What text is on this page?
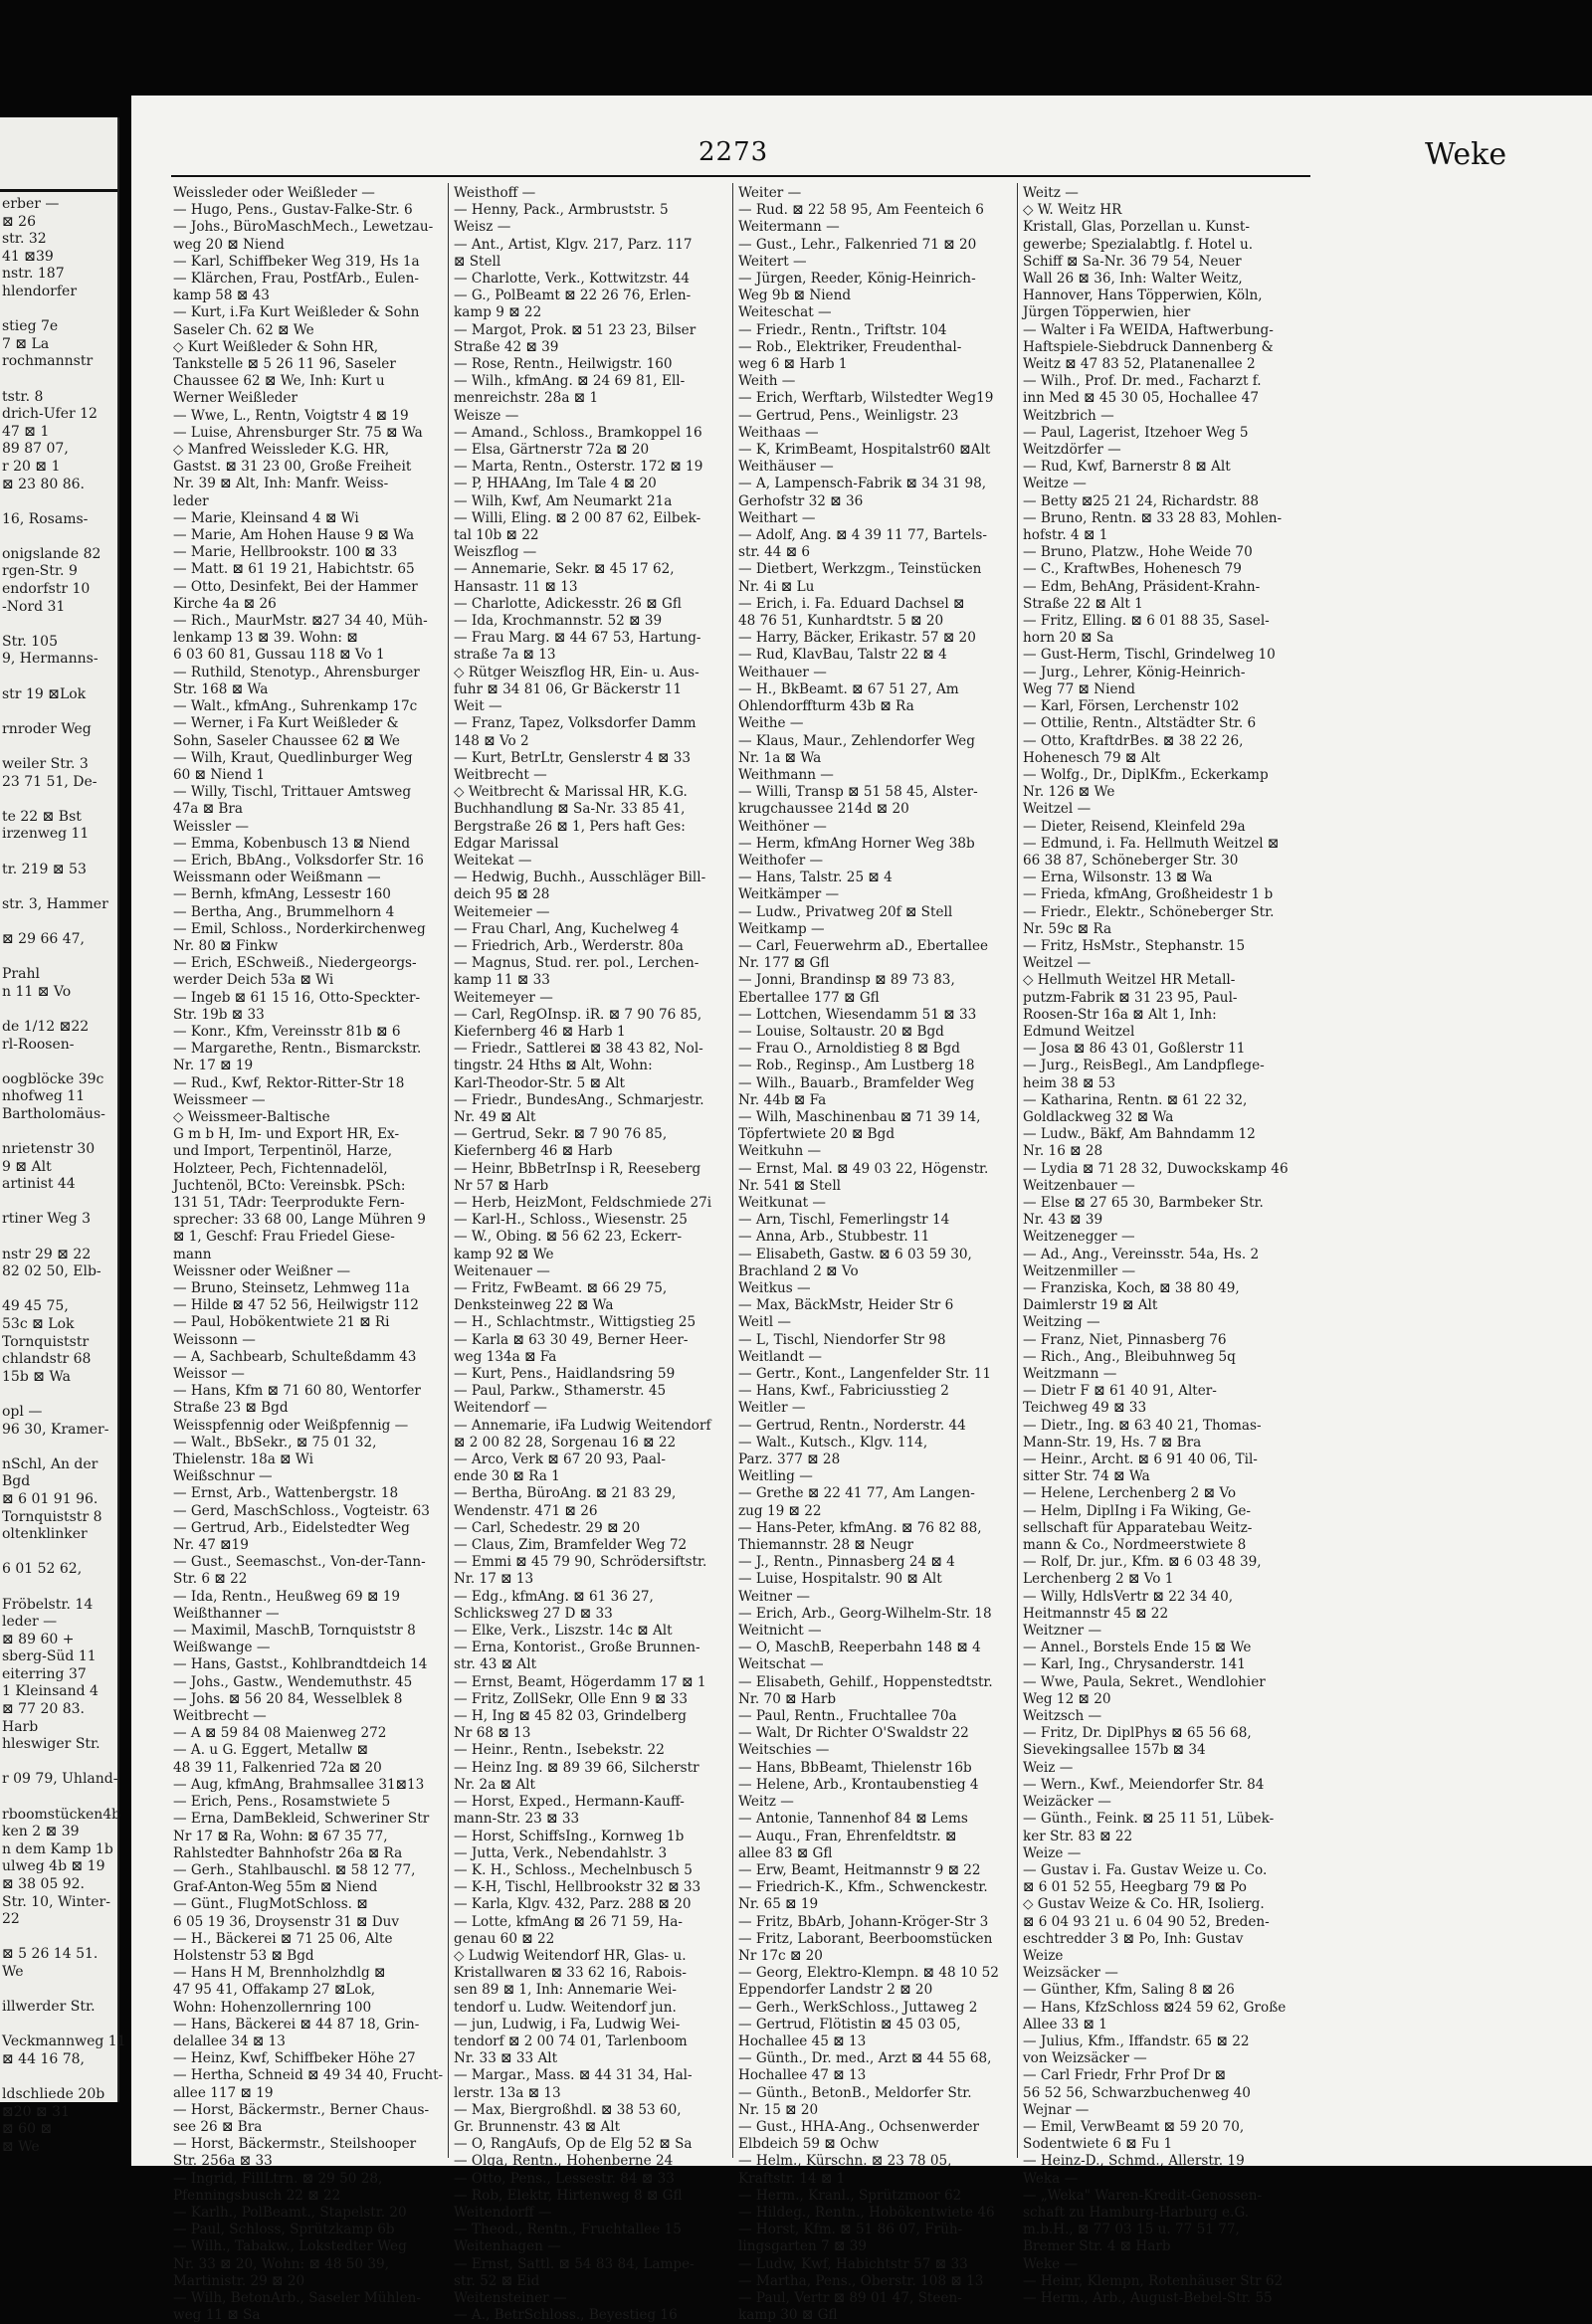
erber —
⊠ 26
str. 32
41 ⊠39
nstr. 187
hlendorfer

stieg 7e
7 ⊠ La
rochmannstr

tstr. 8
drich-Ufer 12
47 ⊠ 1
89 87 07,
r 20 ⊠ 1
⊠ 23 80 86.

16, Rosams-

onigslande 82
rgen-Str. 9
endorfstr 10
-Nord 31

Str. 105
9, Hermanns-

str 19 ⊠Lok

rnroder Weg

weiler Str. 3
23 71 51, De-

te 22 ⊠ Bst
irzenweg 11

tr. 219 ⊠ 53

str. 3, Hammer

⊠ 29 66 47,

Prahl
n 11 ⊠ Vo

de 1/12 ⊠22
rl-Roosen-

oogblöcke 39c
nhofweg 11
Bartholomäus-

nrietenstr 30
9 ⊠ Alt
artinist 44

rtiner Weg 3

nstr 29 ⊠ 22
82 02 50, Elb-

49 45 75,
53c ⊠ Lok
Tornquiststr
chlandstr 68
15b ⊠ Wa

opl —
96 30, Kramer-

nSchl, An der
Bgd
⊠ 6 01 91 96.
Tornquiststr 8
oltenklinker

6 01 52 62,

Fröbelstr. 14
leder —
⊠ 89 60 +
sberg-Süd 11
eiterring 37
1 Kleinsand 4
⊠ 77 20 83.
Harb
hleswiger Str.

r 09 79, Uhland-

rboomstücken4b
ken 2 ⊠ 39
n dem Kamp 1b
ulweg 4b ⊠ 19
⊠ 38 05 92.
Str. 10, Winter-
22

⊠ 5 26 14 51.
We

illwerder Str.

Veckmannweg 11
⊠ 44 16 78,

ldschliede 20b
⊠20 ⊠ 31
⊠ 60 ⊠
⊠ We
2273	Weke
Weissleder oder Weißleder —
— Hugo, Pens., Gustav-Falke-Str. 6
— Johs., BüroMaschMech., Lewetzau-
weg 20 ⊠ Niend
— Karl, Schiffbeker Weg 319, Hs 1a
— Klärchen, Frau, PostfArb., Eulen-
kamp 58 ⊠ 43
— Kurt, i.Fa Kurt Weißleder & Sohn
Saseler Ch. 62 ⊠ We
◇ Kurt Weißleder & Sohn HR,
Tankstelle ⊠ 5 26 11 96, Saseler
Chaussee 62 ⊠ We, Inh: Kurt u
Werner Weißleder
— Wwe, L., Rentn, Voigtstr 4 ⊠ 19
— Luise, Ahrensburger Str. 75 ⊠ Wa
◇ Manfred Weissleder K.G. HR,
Gastst. ⊠ 31 23 00, Große Freiheit
Nr. 39 ⊠ Alt, Inh: Manfr. Weiss-
leder
— Marie, Kleinsand 4 ⊠ Wi
— Marie, Am Hohen Hause 9 ⊠ Wa
— Marie, Hellbrookstr. 100 ⊠ 33
— Matt. ⊠ 61 19 21, Habichtstr. 65
— Otto, Desinfekt, Bei der Hammer
Kirche 4a ⊠ 26
— Rich., MaurMstr. ⊠27 34 40, Müh-
lenkamp 13 ⊠ 39. Wohn: ⊠
6 03 60 81, Gussau 118 ⊠ Vo 1
— Ruthild, Stenotyp., Ahrensburger
Str. 168 ⊠ Wa
— Walt., kfmAng., Suhrenkamp 17c
— Werner, i Fa Kurt Weißleder &
Sohn, Saseler Chaussee 62 ⊠ We
— Wilh, Kraut, Quedlinburger Weg
60 ⊠ Niend 1
— Willy, Tischl, Trittauer Amtsweg
47a ⊠ Bra
Weissler —
— Emma, Kobenbusch 13 ⊠ Niend
— Erich, BbAng., Volksdorfer Str. 16
Weissmann oder Weißmann —
— Bernh, kfmAng, Lessestr 160
— Bertha, Ang., Brummelhorn 4
— Emil, Schloss., Norderkirchenweg
Nr. 80 ⊠ Finkw
— Erich, ESchweiß., Niedergeorgs-
werder Deich 53a ⊠ Wi
— Ingeb ⊠ 61 15 16, Otto-Speckter-
Str. 19b ⊠ 33
— Konr., Kfm, Vereinsstr 81b ⊠ 6
— Margarethe, Rentn., Bismarckstr.
Nr. 17 ⊠ 19
— Rud., Kwf, Rektor-Ritter-Str 18
Weissmeer —
◇ Weissmeer-Baltische
G m b H, Im- und Export HR, Ex-
und Import, Terpentinöl, Harze,
Holzteer, Pech, Fichtennadelöl,
Juchtenöl, BCto: Vereinsbk. PSch:
131 51, TAdr: Teerprodukte Fern-
sprecher: 33 68 00, Lange Mühren 9
⊠ 1, Geschf: Frau Friedel Giese-
mann
Weissner oder Weißner —
— Bruno, Steinsetz, Lehmweg 11a
— Hilde ⊠ 47 52 56, Heilwigstr 112
— Paul, Hobökentwiete 21 ⊠ Ri
Weissonn —
— A, Sachbearb, Schulteßdamm 43
Weissor —
— Hans, Kfm ⊠ 71 60 80, Wentorfer
Straße 23 ⊠ Bgd
Weisspfennig oder Weißpfennig —
— Walt., BbSekr., ⊠ 75 01 32,
Thielenstr. 18a ⊠ Wi
Weißschnur —
— Ernst, Arb., Wattenbergstr. 18
— Gerd, MaschSchloss., Vogteistr. 63
— Gertrud, Arb., Eidelstedter Weg
Nr. 47 ⊠19
— Gust., Seemaschst., Von-der-Tann-
Str. 6 ⊠ 22
— Ida, Rentn., Heußweg 69 ⊠ 19
Weißthanner —
— Maximil, MaschB, Tornquiststr 8
Weißwange —
— Hans, Gastst., Kohlbrandtdeich 14
— Johs., Gastw., Wendemuthstr. 45
— Johs. ⊠ 56 20 84, Wesselblek 8
Weitbrecht —
— A ⊠ 59 84 08 Maienweg 272
— A. u G. Eggert, Metallw ⊠
48 39 11, Falkenried 72a ⊠ 20
— Aug, kfmAng, Brahmsallee 31⊠13
— Erich, Pens., Rosamstwiete 5
— Erna, DamBekleid, Schweriner Str
Nr 17 ⊠ Ra, Wohn: ⊠ 67 35 77,
Rahlstedter Bahnhofstr 26a ⊠ Ra
— Gerh., Stahlbauschl. ⊠ 58 12 77,
Graf-Anton-Weg 55m ⊠ Niend
— Günt., FlugMotSchloss. ⊠
6 05 19 36, Droysenstr 31 ⊠ Duv
— H., Bäckerei ⊠ 71 25 06, Alte
Holstenstr 53 ⊠ Bgd
— Hans H M, Brennholzhdlg ⊠
47 95 41, Offakamp 27 ⊠Lok,
Wohn: Hohenzollernring 100
— Hans, Bäckerei ⊠ 44 87 18, Grin-
delallee 34 ⊠ 13
— Heinz, Kwf, Schiffbeker Höhe 27
— Hertha, Schneid ⊠ 49 34 40, Frucht-
allee 117 ⊠ 19
— Horst, Bäckermstr., Berner Chaus-
see 26 ⊠ Bra
— Horst, Bäckermstr., Steilshooper
Str. 256a ⊠ 33
— Ingrid, FillLtrn. ⊠ 29 50 28,
Pfenningsbusch 22 ⊠ 22
— Karlh., PolBeamt., Stapelstr. 20
— Paul, Schloss, Sprützkamp 6b
— Wilh., Tabakw., Lokstedter Weg
Nr. 33 ⊠ 20, Wohn: ⊠ 48 50 39,
Martinistr. 29 ⊠ 20
— Wilh, BetonArb., Saseler Mühlen-
weg 11 ⊠ Sa
Weisthoff —
— Henny, Pack., Armbruststr. 5
Weisz —
— Ant., Artist, Klgv. 217, Parz. 117
⊠ Stell
— Charlotte, Verk., Kottwitzstr. 44
— G., PolBeamt ⊠ 22 26 76, Erlen-
kamp 9 ⊠ 22
— Margot, Prok. ⊠ 51 23 23, Bilser
Straße 42 ⊠ 39
— Rose, Rentn., Heilwigstr. 160
— Wilh., kfmAng. ⊠ 24 69 81, Ell-
menreichstr. 28a ⊠ 1
Weisze —
— Amand., Schloss., Bramkoppel 16
— Elsa, Gärtnerstr 72a ⊠ 20
— Marta, Rentn., Osterstr. 172 ⊠ 19
— P, HHAAng, Im Tale 4 ⊠ 20
— Wilh, Kwf, Am Neumarkt 21a
— Willi, Eling. ⊠ 2 00 87 62, Eilbek-
tal 10b ⊠ 22
Weiszflog —
— Annemarie, Sekr. ⊠ 45 17 62,
Hansastr. 11 ⊠ 13
— Charlotte, Adickesstr. 26 ⊠ Gfl
— Ida, Krochmannstr. 52 ⊠ 39
— Frau Marg. ⊠ 44 67 53, Hartung-
straße 7a ⊠ 13
◇ Rütger Weiszflog HR, Ein- u. Aus-
fuhr ⊠ 34 81 06, Gr Bäckerstr 11
Weit —
— Franz, Tapez, Volksdorfer Damm
148 ⊠ Vo 2
— Kurt, BetrLtr, Genslerstr 4 ⊠ 33
Weitbrecht —
◇ Weitbrecht & Marissal HR, K.G.
Buchhandlung ⊠ Sa-Nr. 33 85 41,
Bergstraße 26 ⊠ 1, Pers haft Ges:
Edgar Marissal
Weitekat —
— Hedwig, Buchh., Ausschläger Bill-
deich 95 ⊠ 28
Weitemeier —
— Frau Charl, Ang, Kuchelweg 4
— Friedrich, Arb., Werderstr. 80a
— Magnus, Stud. rer. pol., Lerchen-
kamp 11 ⊠ 33
Weitemeyer —
— Carl, RegOInsp. iR. ⊠ 7 90 76 85,
Kiefernberg 46 ⊠ Harb 1
— Friedr., Sattlerei ⊠ 38 43 82, Nol-
tingstr. 24 Hths ⊠ Alt, Wohn:
Karl-Theodor-Str. 5 ⊠ Alt
— Friedr., BundesAng., Schmarjestr.
Nr. 49 ⊠ Alt
— Gertrud, Sekr. ⊠ 7 90 76 85,
Kiefernberg 46 ⊠ Harb
— Heinr, BbBetrInsp i R, Reeseberg
Nr 57 ⊠ Harb
— Herb, HeizMont, Feldschmiede 27i
— Karl-H., Schloss., Wiesenstr. 25
— W., Obing. ⊠ 56 62 23, Eckerr-
kamp 92 ⊠ We
Weitenauer —
— Fritz, FwBeamt. ⊠ 66 29 75,
Denksteinweg 22 ⊠ Wa
— H., Schlachtmstr., Wittigstieg 25
— Karla ⊠ 63 30 49, Berner Heer-
weg 134a ⊠ Fa
— Kurt, Pens., Haidlandsring 59
— Paul, Parkw., Sthamerstr. 45
Weitendorf —
— Annemarie, iFa Ludwig Weitendorf
⊠ 2 00 82 28, Sorgenau 16 ⊠ 22
— Arco, Verk ⊠ 67 20 93, Paal-
ende 30 ⊠ Ra 1
— Bertha, BüroAng. ⊠ 21 83 29,
Wendenstr. 471 ⊠ 26
— Carl, Schedestr. 29 ⊠ 20
— Claus, Zim, Bramfelder Weg 72
— Emmi ⊠ 45 79 90, Schrödersiftstr.
Nr. 17 ⊠ 13
— Edg., kfmAng. ⊠ 61 36 27,
Schlicksweg 27 D ⊠ 33
— Elke, Verk., Liszstr. 14c ⊠ Alt
— Erna, Kontorist., Große Brunnen-
str. 43 ⊠ Alt
— Ernst, Beamt, Högerdamm 17 ⊠ 1
— Fritz, ZollSekr, Olle Enn 9 ⊠ 33
— H, Ing ⊠ 45 82 03, Grindelberg
Nr 68 ⊠ 13
— Heinr., Rentn., Isebekstr. 22
— Heinz Ing. ⊠ 89 39 66, Silcherstr
Nr. 2a ⊠ Alt
— Horst, Exped., Hermann-Kauff-
mann-Str. 23 ⊠ 33
— Horst, SchiffsIng., Kornweg 1b
— Jutta, Verk., Nebendahlstr. 3
— K. H., Schloss., Mechelnbusch 5
— K-H, Tischl, Hellbrookstr 32 ⊠ 33
— Karla, Klgv. 432, Parz. 288 ⊠ 20
— Lotte, kfmAng ⊠ 26 71 59, Ha-
genau 60 ⊠ 22
◇ Ludwig Weitendorf HR, Glas- u.
Kristallwaren ⊠ 33 62 16, Rabois-
sen 89 ⊠ 1, Inh: Annemarie Wei-
tendorf u. Ludw. Weitendorf jun.
— jun, Ludwig, i Fa, Ludwig Wei-
tendorf ⊠ 2 00 74 01, Tarlenboom
Nr. 33 ⊠ 33 Alt
— Margar., Mass. ⊠ 44 31 34, Hal-
lerstr. 13a ⊠ 13
— Max, Biergroßhdl. ⊠ 38 53 60,
Gr. Brunnenstr. 43 ⊠ Alt
— O, RangAufs, Op de Elg 52 ⊠ Sa
— Olga, Rentn., Hohenberne 24
— Otto, Pens., Lessestr. 84 ⊠ 33
— Rob, Elektr, Hirtenweg 8 ⊠ Gfl
Weitendorff —
— Theod., Rentn., Fruchtallee 15
Weitenhagen —
— Ernst, Sattl. ⊠ 54 83 84, Lampe-
str. 52 ⊠ Eid
Weitensteiner —
— A., BetrSchloss., Beyestieg 16
Weiter —
— Rud. ⊠ 22 58 95, Am Feenteich 6
Weitermann —
— Gust., Lehr., Falkenried 71 ⊠ 20
Weitert —
— Jürgen, Reeder, König-Heinrich-
Weg 9b ⊠ Niend
Weiteschat —
— Friedr., Rentn., Triftstr. 104
— Rob., Elektriker, Freudenthal-
weg 6 ⊠ Harb 1
Weith —
— Erich, Werftarb, Wilstedter Weg19
— Gertrud, Pens., Weinligstr. 23
Weithaas —
— K, KrimBeamt, Hospitalstr60 ⊠Alt
Weithäuser —
— A, Lampensch-Fabrik ⊠ 34 31 98,
Gerhofstr 32 ⊠ 36
Weithart —
— Adolf, Ang. ⊠ 4 39 11 77, Bartels-
str. 44 ⊠ 6
— Dietbert, Werkzgm., Teinstücken
Nr. 4i ⊠ Lu
— Erich, i. Fa. Eduard Dachsel ⊠
48 76 51, Kunhardtstr. 5 ⊠ 20
— Harry, Bäcker, Erikastr. 57 ⊠ 20
— Rud, KlavBau, Talstr 22 ⊠ 4
Weithauer —
— H., BkBeamt. ⊠ 67 51 27, Am
Ohlendorffturm 43b ⊠ Ra
Weithe —
— Klaus, Maur., Zehlendorfer Weg
Nr. 1a ⊠ Wa
Weithmann —
— Willi, Transp ⊠ 51 58 45, Alster-
krugchaussee 214d ⊠ 20
Weithöner —
— Herm, kfmAng Horner Weg 38b
Weithofer —
— Hans, Talstr. 25 ⊠ 4
Weitkämper —
— Ludw., Privatweg 20f ⊠ Stell
Weitkamp —
— Carl, Feuerwehrm aD., Ebertallee
Nr. 177 ⊠ Gfl
— Jonni, Brandinsp ⊠ 89 73 83,
Ebertallee 177 ⊠ Gfl
— Lottchen, Wiesendamm 51 ⊠ 33
— Louise, Soltaustr. 20 ⊠ Bgd
— Frau O., Arnoldistieg 8 ⊠ Bgd
— Rob., Reginsp., Am Lustberg 18
— Wilh., Bauarb., Bramfelder Weg
Nr. 44b ⊠ Fa
— Wilh, Maschinenbau ⊠ 71 39 14,
Töpfertwiete 20 ⊠ Bgd
Weitkuhn —
— Ernst, Mal. ⊠ 49 03 22, Högenstr.
Nr. 541 ⊠ Stell
Weitkunat —
— Arn, Tischl, Femerlingstr 14
— Anna, Arb., Stubbestr. 11
— Elisabeth, Gastw. ⊠ 6 03 59 30,
Brachland 2 ⊠ Vo
Weitkus —
— Max, BäckMstr, Heider Str 6
Weitl —
— L, Tischl, Niendorfer Str 98
Weitlandt —
— Gertr., Kont., Langenfelder Str. 11
— Hans, Kwf., Fabriciusstieg 2
Weitler —
— Gertrud, Rentn., Norderstr. 44
— Walt., Kutsch., Klgv. 114,
Parz. 377 ⊠ 28
Weitling —
— Grethe ⊠ 22 41 77, Am Langen-
zug 19 ⊠ 22
— Hans-Peter, kfmAng. ⊠ 76 82 88,
Thiemannstr. 28 ⊠ Neugr
— J., Rentn., Pinnasberg 24 ⊠ 4
— Luise, Hospitalstr. 90 ⊠ Alt
Weitner —
— Erich, Arb., Georg-Wilhelm-Str. 18
Weitnicht —
— O, MaschB, Reeperbahn 148 ⊠ 4
Weitschat —
— Elisabeth, Gehilf., Hoppenstedtstr.
Nr. 70 ⊠ Harb
— Paul, Rentn., Fruchtallee 70a
— Walt, Dr Richter O'Swaldstr 22
Weitschies —
— Hans, BbBeamt, Thielenstr 16b
— Helene, Arb., Krontaubenstieg 4
Weitz —
— Antonie, Tannenhof 84 ⊠ Lems
— Auqu., Fran, Ehrenfeldtstr. ⊠
allee 83 ⊠ Gfl
— Erw, Beamt, Heitmannstr 9 ⊠ 22
— Friedrich-K., Kfm., Schwenckestr.
Nr. 65 ⊠ 19
— Fritz, BbArb, Johann-Kröger-Str 3
— Fritz, Laborant, Beerboomstücken
Nr 17c ⊠ 20
— Georg, Elektro-Klempn. ⊠ 48 10 52
Eppendorfer Landstr 2 ⊠ 20
— Gerh., WerkSchloss., Juttaweg 2
— Gertrud, Flötistin ⊠ 45 03 05,
Hochallee 45 ⊠ 13
— Günth., Dr. med., Arzt ⊠ 44 55 68,
Hochallee 47 ⊠ 13
— Günth., BetonB., Meldorfer Str.
Nr. 15 ⊠ 20
— Gust., HHA-Ang., Ochsenwerder
Elbdeich 59 ⊠ Ochw
— Helm., Kürschn. ⊠ 23 78 05,
Kraftstr. 14 ⊠ 1
— Herm., Kranl., Sprützmoor 62
— Hildeg., Rentn., Hobökentwiete 46
— Horst, Kfm. ⊠ 51 86 07, Früh-
lingsgarten 7 ⊠ 39
— Ludw, Kwf, Habichtstr 57 ⊠ 33
— Martha, Pens., Oberstr. 108 ⊠ 13
— Paul, Vertr ⊠ 89 01 47, Steen-
kamp 30 ⊠ Gfl
Weitz —
◇ W. Weitz HR
Kristall, Glas, Porzellan u. Kunst-
gewerbe; Spezialabtlg. f. Hotel u.
Schiff ⊠ Sa-Nr. 36 79 54, Neuer
Wall 26 ⊠ 36, Inh: Walter Weitz,
Hannover, Hans Töpperwien, Köln,
Jürgen Töpperwien, hier
— Walter i Fa WEIDA, Haftwerbung-
Haftspiele-Siebdruck Dannenberg &
Weitz ⊠ 47 83 52, Platanenallee 2
— Wilh., Prof. Dr. med., Facharzt f.
inn Med ⊠ 45 30 05, Hochallee 47
Weitzbrich —
— Paul, Lagerist, Itzehoer Weg 5
Weitzdörfer —
— Rud, Kwf, Barnerstr 8 ⊠ Alt
Weitze —
— Betty ⊠25 21 24, Richardstr. 88
— Bruno, Rentn. ⊠ 33 28 83, Mohlen-
hofstr. 4 ⊠ 1
— Bruno, Platzw., Hohe Weide 70
— C., KraftwBes, Hohenesch 79
— Edm, BehAng, Präsident-Krahn-
Straße 22 ⊠ Alt 1
— Fritz, Elling. ⊠ 6 01 88 35, Sasel-
horn 20 ⊠ Sa
— Gust-Herm, Tischl, Grindelweg 10
— Jurg., Lehrer, König-Heinrich-
Weg 77 ⊠ Niend
— Karl, Försen, Lerchenstr 102
— Ottilie, Rentn., Altstädter Str. 6
— Otto, KraftdrBes. ⊠ 38 22 26,
Hohenesch 79 ⊠ Alt
— Wolfg., Dr., DiplKfm., Eckerkamp
Nr. 126 ⊠ We
Weitzel —
— Dieter, Reisend, Kleinfeld 29a
— Edmund, i. Fa. Hellmuth Weitzel ⊠
66 38 87, Schöneberger Str. 30
— Erna, Wilsonstr. 13 ⊠ Wa
— Frieda, kfmAng, Großheidestr 1 b
— Friedr., Elektr., Schöneberger Str.
Nr. 59c ⊠ Ra
— Fritz, HsMstr., Stephanstr. 15
Weitzel —
◇ Hellmuth Weitzel HR Metall-
putzm-Fabrik ⊠ 31 23 95, Paul-
Roosen-Str 16a ⊠ Alt 1, Inh:
Edmund Weitzel
— Josa ⊠ 86 43 01, Goßlerstr 11
— Jurg., ReisBegl., Am Landpflege-
heim 38 ⊠ 53
— Katharina, Rentn. ⊠ 61 22 32,
Goldlackweg 32 ⊠ Wa
— Ludw., Bäkf, Am Bahndamm 12
Nr. 16 ⊠ 28
— Lydia ⊠ 71 28 32, Duwockskamp 46
Weitzenbauer —
— Else ⊠ 27 65 30, Barmbeker Str.
Nr. 43 ⊠ 39
Weitzenegger —
— Ad., Ang., Vereinsstr. 54a, Hs. 2
Weitzenmiller —
— Franziska, Koch, ⊠ 38 80 49,
Daimlerstr 19 ⊠ Alt
Weitzing —
— Franz, Niet, Pinnasberg 76
— Rich., Ang., Bleibuhnweg 5q
Weitzmann —
— Dietr F ⊠ 61 40 91, Alter-
Teichweg 49 ⊠ 33
— Dietr., Ing. ⊠ 63 40 21, Thomas-
Mann-Str. 19, Hs. 7 ⊠ Bra
— Heinr., Archt. ⊠ 6 91 40 06, Til-
sitter Str. 74 ⊠ Wa
— Helene, Lerchenberg 2 ⊠ Vo
— Helm, DiplIng i Fa Wiking, Ge-
sellschaft für Apparatebau Weitz-
mann & Co., Nordmeerstwiete 8
— Rolf, Dr. jur., Kfm. ⊠ 6 03 48 39,
Lerchenberg 2 ⊠ Vo 1
— Willy, HdlsVertr ⊠ 22 34 40,
Heitmannstr 45 ⊠ 22
Weitzner —
— Annel., Borstels Ende 15 ⊠ We
— Karl, Ing., Chrysanderstr. 141
— Wwe, Paula, Sekret., Wendlohier
Weg 12 ⊠ 20
Weitzsch —
— Fritz, Dr. DiplPhys ⊠ 65 56 68,
Sievekingsallee 157b ⊠ 34
Weiz —
— Wern., Kwf., Meiendorfer Str. 84
Weizäcker —
— Günth., Feink. ⊠ 25 11 51, Lübek-
ker Str. 83 ⊠ 22
Weize —
— Gustav i. Fa. Gustav Weize u. Co.
⊠ 6 01 52 55, Heegbarg 79 ⊠ Po
◇ Gustav Weize & Co. HR, Isolierg.
⊠ 6 04 93 21 u. 6 04 90 52, Breden-
eschtredder 3 ⊠ Po, Inh: Gustav
Weize
Weizsäcker —
— Günther, Kfm, Saling 8 ⊠ 26
— Hans, KfzSchloss ⊠24 59 62, Große
Allee 33 ⊠ 1
— Julius, Kfm., Iffandstr. 65 ⊠ 22
von Weizsäcker —
— Carl Friedr, Frhr Prof Dr ⊠
56 52 56, Schwarzbuchenweg 40
Wejnar —
— Emil, VerwBeamt ⊠ 59 20 70,
Sodentwiete 6 ⊠ Fu 1
— Heinz-D., Schmd., Allerstr. 19
Weka —
— „Weka" Waren-Kredit-Genossen-
schaft zu Hamburg-Harburg e.G.
m.b.H., ⊠ 77 03 15 u. 77 51 77,
Bremer Str. 4 ⊠ Harb
Weke —
— Heinr, Klempn, Rotenhäuser Str 62
— Herm., Arb., August-Bebel-Str. 55
